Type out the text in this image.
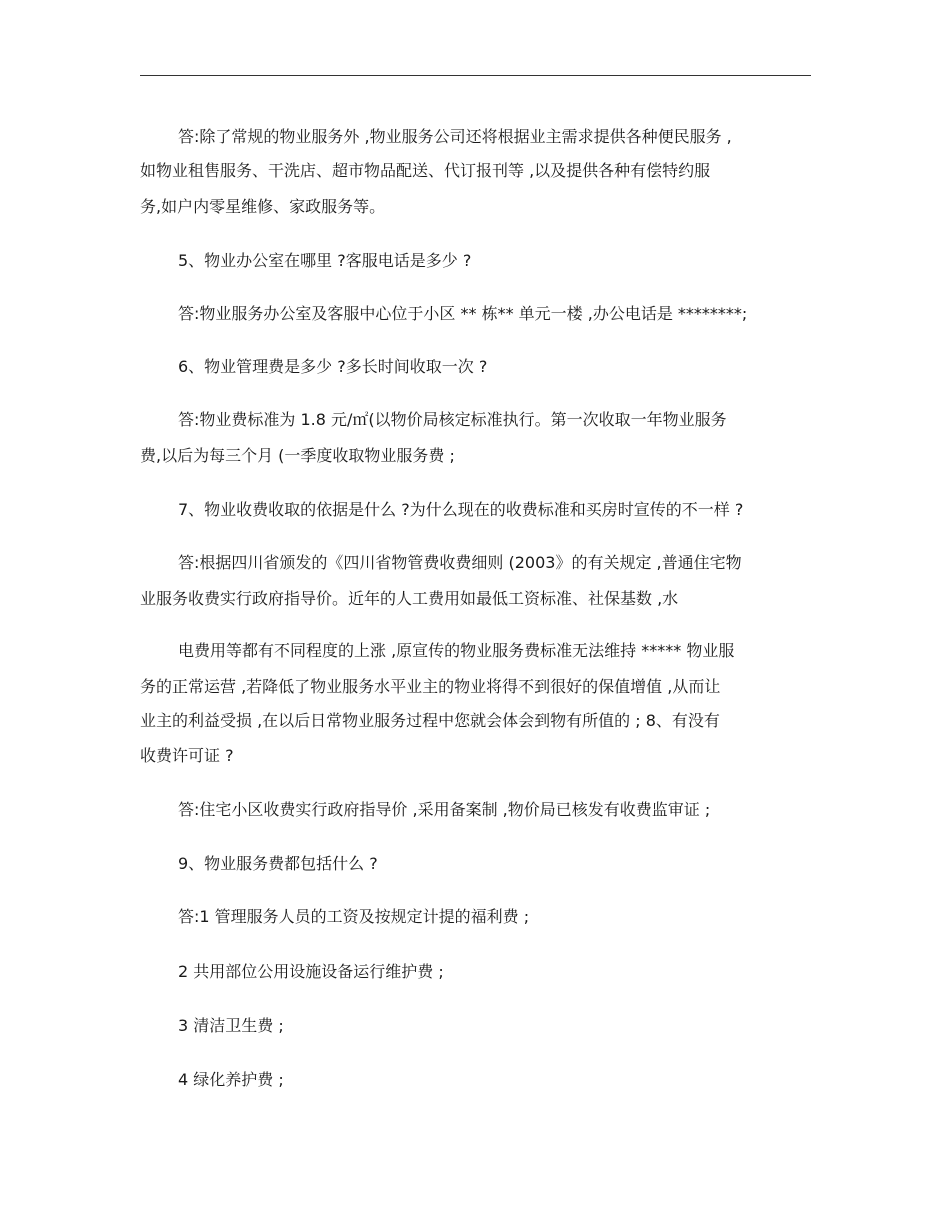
答:除了常规的物业服务外 ,物业服务公司还将根据业主需求提供各种便民服务 ,
如物业租售服务、干洗店、超市物品配送、代订报刊等 ,以及提供各种有偿特约服
务,如户内零星维修、家政服务等。
5、物业办公室在哪里 ?客服电话是多少 ?
答:物业服务办公室及客服中心位于小区 ** 栋** 单元一楼 ,办公电话是 ********;
6、物业管理费是多少 ?多长时间收取一次 ?
答:物业费标准为 1.8 元/㎡(以物价局核定标准执行。第一次收取一年物业服务
费,以后为每三个月 (一季度收取物业服务费 ;
7、物业收费收取的依据是什么 ?为什么现在的收费标准和买房时宣传的不一样 ?
答:根据四川省颁发的《四川省物管费收费细则 (2003》的有关规定 ,普通住宅物
业服务收费实行政府指导价。近年的人工费用如最低工资标准、社保基数 ,水
电费用等都有不同程度的上涨 ,原宣传的物业服务费标准无法维持 ***** 物业服
务的正常运营 ,若降低了物业服务水平业主的物业将得不到很好的保值增值 ,从而让
业主的利益受损 ,在以后日常物业服务过程中您就会体会到物有所值的 ; 8、有没有
收费许可证 ?
答:住宅小区收费实行政府指导价 ,采用备案制 ,物价局已核发有收费监审证 ;
9、物业服务费都包括什么 ?
答:1 管理服务人员的工资及按规定计提的福利费 ;
2 共用部位公用设施设备运行维护费 ;
3 清洁卫生费 ;
4 绿化养护费 ;
